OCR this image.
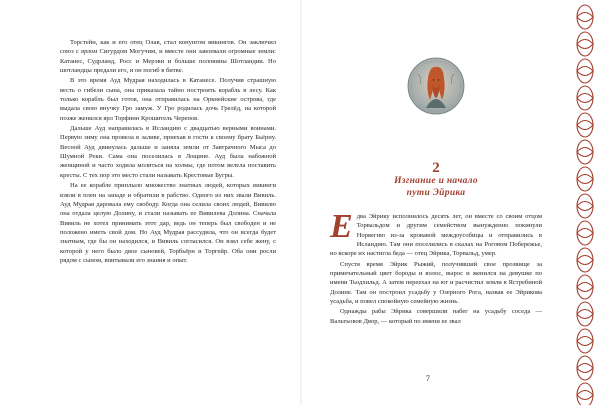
Торстейн, как и его отец Олав, стал конунгом викингов. Он заключил союз с ярлом Сигурдом Могучим, и вместе они завоевали огромные земли: Катанес, Судрланд, Росс и Мерэви и больше половины Шотландии. Но шотландцы предали его, и он погиб в битве.

В это время Ауд Мудрая находилась в Катанесе. Получив страшную весть о гибели сына, она приказала тайно построить корабль в лесу. Как только корабль был готов, она отправилась на Оркнейские острова, где выдала свою внучку Гро замуж. У Гро родилась дочь Грелёд, на которой позже женился ярл Торфинн Крошитель Черепов.

Дальше Ауд направилась в Исландию с двадцатью верными воинами. Первую зиму она провела в заливе, приехав в гости к своему брату Бьёрну. Весной Ауд двинулась дальше и заняла земли от Завтрачного Мыса до Шумной Реки. Сама она поселилась в Лощине. Ауд была набожной женщиной и часто ходила молиться на холмы, где потом велела поставить кресты. С тех пор это место стали называть Крестовые Бугры.

На ее корабле приплыло множество знатных людей, которых викинги взяли в плен на западе и обратили в рабство. Одного из них звали Вивиль. Ауд Мудрая даровала ему свободу. Когда она селила своих людей, Вивилю она отдала целую Долину, и стали называть ее Вивилева Долина. Сначала Вивиль не хотел принимать этот дар, ведь он теперь был свободен и не положено иметь свой дом. Но Ауд Мудрая рассудила, что он всегда будет знатным, где бы он находился, и Вивиль согласился. Он взял себе жену, с которой у него было двое сыновей, Торбьёрн и Торгейр. Оба они росли рядом с сыном, впитывали его знания и опыт.

2
Изгнание и начало
пути Эйрика

Едва Эйрику исполнилось десять лет, он вместе со своим отцом Торвальдом и другим семейством вынужденно покинули Норвегию из-за кровавой междоусобицы и отправились в Исландию. Там они поселились в скалах на Роговом Побережье, но вскоре их настигла беда — отец Эйрика, Торвальд, умер.

Спустя время Эйрик Рыжий, получивший свое прозвище за примечательный цвет бороды и волос, вырос и женился на девушке по имени Тьодхильд. А затем переехал на юг и расчистил земли в Ястребиной Долине. Там он построил усадьбу у Озерного Рога, назвав ее Эйрикова усадьба, и повел спокойную семейную жизнь.

Однажды рабы Эйрика совершили набег на усадьбу соседа — Вальтьовов Двор, — который по имени ее звал

7
